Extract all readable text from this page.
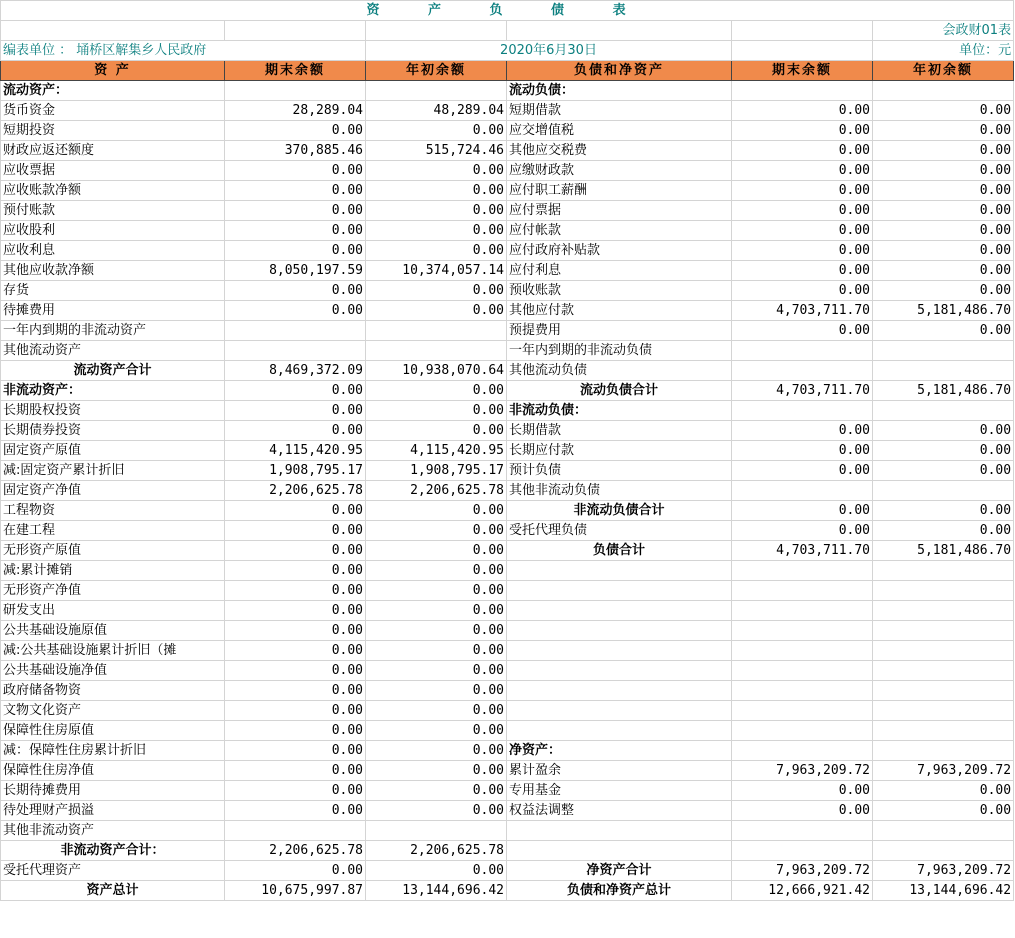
资 产 负 债 表					
					会政财01表
编表单位 ： 埇桥区解集乡人民政府		2020年6月30日			单位：元
资 产	期末余额	年初余额	负债和净资产	期末余额	年初余额
流动资产：			流动负债：		
货币资金	28,289.04	48,289.04	短期借款	0.00	0.00
短期投资	0.00	0.00	应交增值税	0.00	0.00
财政应返还额度	370,885.46	515,724.46	其他应交税费	0.00	0.00
应收票据	0.00	0.00	应缴财政款	0.00	0.00
应收账款净额	0.00	0.00	应付职工薪酬	0.00	0.00
预付账款	0.00	0.00	应付票据	0.00	0.00
应收股利	0.00	0.00	应付帐款	0.00	0.00
应收利息	0.00	0.00	应付政府补贴款	0.00	0.00
其他应收款净额	8,050,197.59	10,374,057.14	应付利息	0.00	0.00
存货	0.00	0.00	预收账款	0.00	0.00
待摊费用	0.00	0.00	其他应付款	4,703,711.70	5,181,486.70
一年内到期的非流动资产			预提费用	0.00	0.00
其他流动资产			一年内到期的非流动负债		
流动资产合计	8,469,372.09	10,938,070.64	其他流动负债		
非流动资产：	0.00	0.00	流动负债合计	4,703,711.70	5,181,486.70
长期股权投资	0.00	0.00	非流动负债：		
长期债券投资	0.00	0.00	长期借款	0.00	0.00
固定资产原值	4,115,420.95	4,115,420.95	长期应付款	0.00	0.00
减:固定资产累计折旧	1,908,795.17	1,908,795.17	预计负债	0.00	0.00
固定资产净值	2,206,625.78	2,206,625.78	其他非流动负债		
工程物资	0.00	0.00	非流动负债合计	0.00	0.00
在建工程	0.00	0.00	受托代理负债	0.00	0.00
无形资产原值	0.00	0.00	负债合计	4,703,711.70	5,181,486.70
减:累计摊销	0.00	0.00			
无形资产净值	0.00	0.00			
研发支出	0.00	0.00			
公共基础设施原值	0.00	0.00			
减:公共基础设施累计折旧（摊	0.00	0.00			
公共基础设施净值	0.00	0.00			
政府储备物资	0.00	0.00			
文物文化资产	0.00	0.00			
保障性住房原值	0.00	0.00			
减：保障性住房累计折旧	0.00	0.00	净资产：		
保障性住房净值	0.00	0.00	累计盈余	7,963,209.72	7,963,209.72
长期待摊费用	0.00	0.00	专用基金	0.00	0.00
待处理财产损溢	0.00	0.00	权益法调整	0.00	0.00
其他非流动资产					
非流动资产合计：	2,206,625.78	2,206,625.78			
受托代理资产	0.00	0.00	净资产合计	7,963,209.72	7,963,209.72
资产总计	10,675,997.87	13,144,696.42	负债和净资产总计	12,666,921.42	13,144,696.42
